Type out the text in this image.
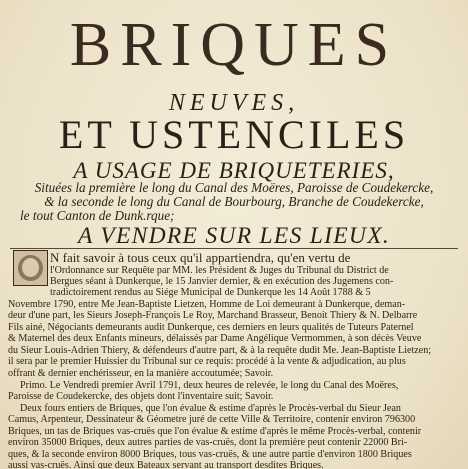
BRIQUES
NEUVES,
ET USTENCILES
A USAGE DE BRIQUETERIES,
Situées la première le long du Canal des Moëres, Paroisse de Coudekercke,
& la seconde le long du Canal de Bourbourg, Branche de Coudekercke,
le tout Canton de Dunk.rque;
A VENDRE SUR LES LIEUX.
N fait savoir à tous ceux qu'il appartiendra, qu'en vertu de
l'Ordonnance sur Requête par MM. les Président & Juges du Tribunal du District de
Bergues séant à Dunkerque, le 15 Janvier dernier, & en exécution des Jugemens con-
tradictoirement rendus au Siége Municipal de Dunkerque les 14 Août 1788 & 5
Novembre 1790, entre Me Jean-Baptiste Lietzen, Homme de Loi demeurant à Dunkerque, deman-
deur d'une part, les Sieurs Joseph-François Le Roy, Marchand Brasseur, Benoit Thiery & N. Delbarre
Fils ainé, Négociants demeurants audit Dunkerque, ces derniers en leurs qualités de Tuteurs Paternel
& Maternel des deux Enfants mineurs, délaissés par Dame Angélique Vermommen, à son décès Veuve
du Sieur Louis-Adrien Thiery, & défendeurs d'autre part, & à la requête dudit Me. Jean-Baptiste Lietzen;
il sera par le premier Huissier du Tribunal sur ce requis: procédé à la vente & adjudication, au plus
offrant & dernier enchérisseur, en la manière accoutumée; Savoir.
Primo. Le Vendredi premier Avril 1791, deux heures de relevée, le long du Canal des Moëres,
Paroisse de Coudekercke, des objets dont l'inventaire suit; Savoir.
Deux fours entiers de Briques, que l'on évalue & estime d'après le Procès-verbal du Sieur Jean
Camus, Arpenteur, Dessinateur & Géometre juré de cette Ville & Territoire, contenir environ 796300
Briques, un tas de Briques vas-cruës que l'on évalue & estime d'après le même Procès-verbal, contenir
environ 35000 Briques, deux autres parties de vas-cruës, dont la première peut contenir 22000 Bri-
ques, & la seconde environ 8000 Briques, tous vas-cruës, & une autre partie d'environ 1800 Briques
aussi vas-cruës. Ainsi que deux Bateaux servant au transport desdites Briques.
